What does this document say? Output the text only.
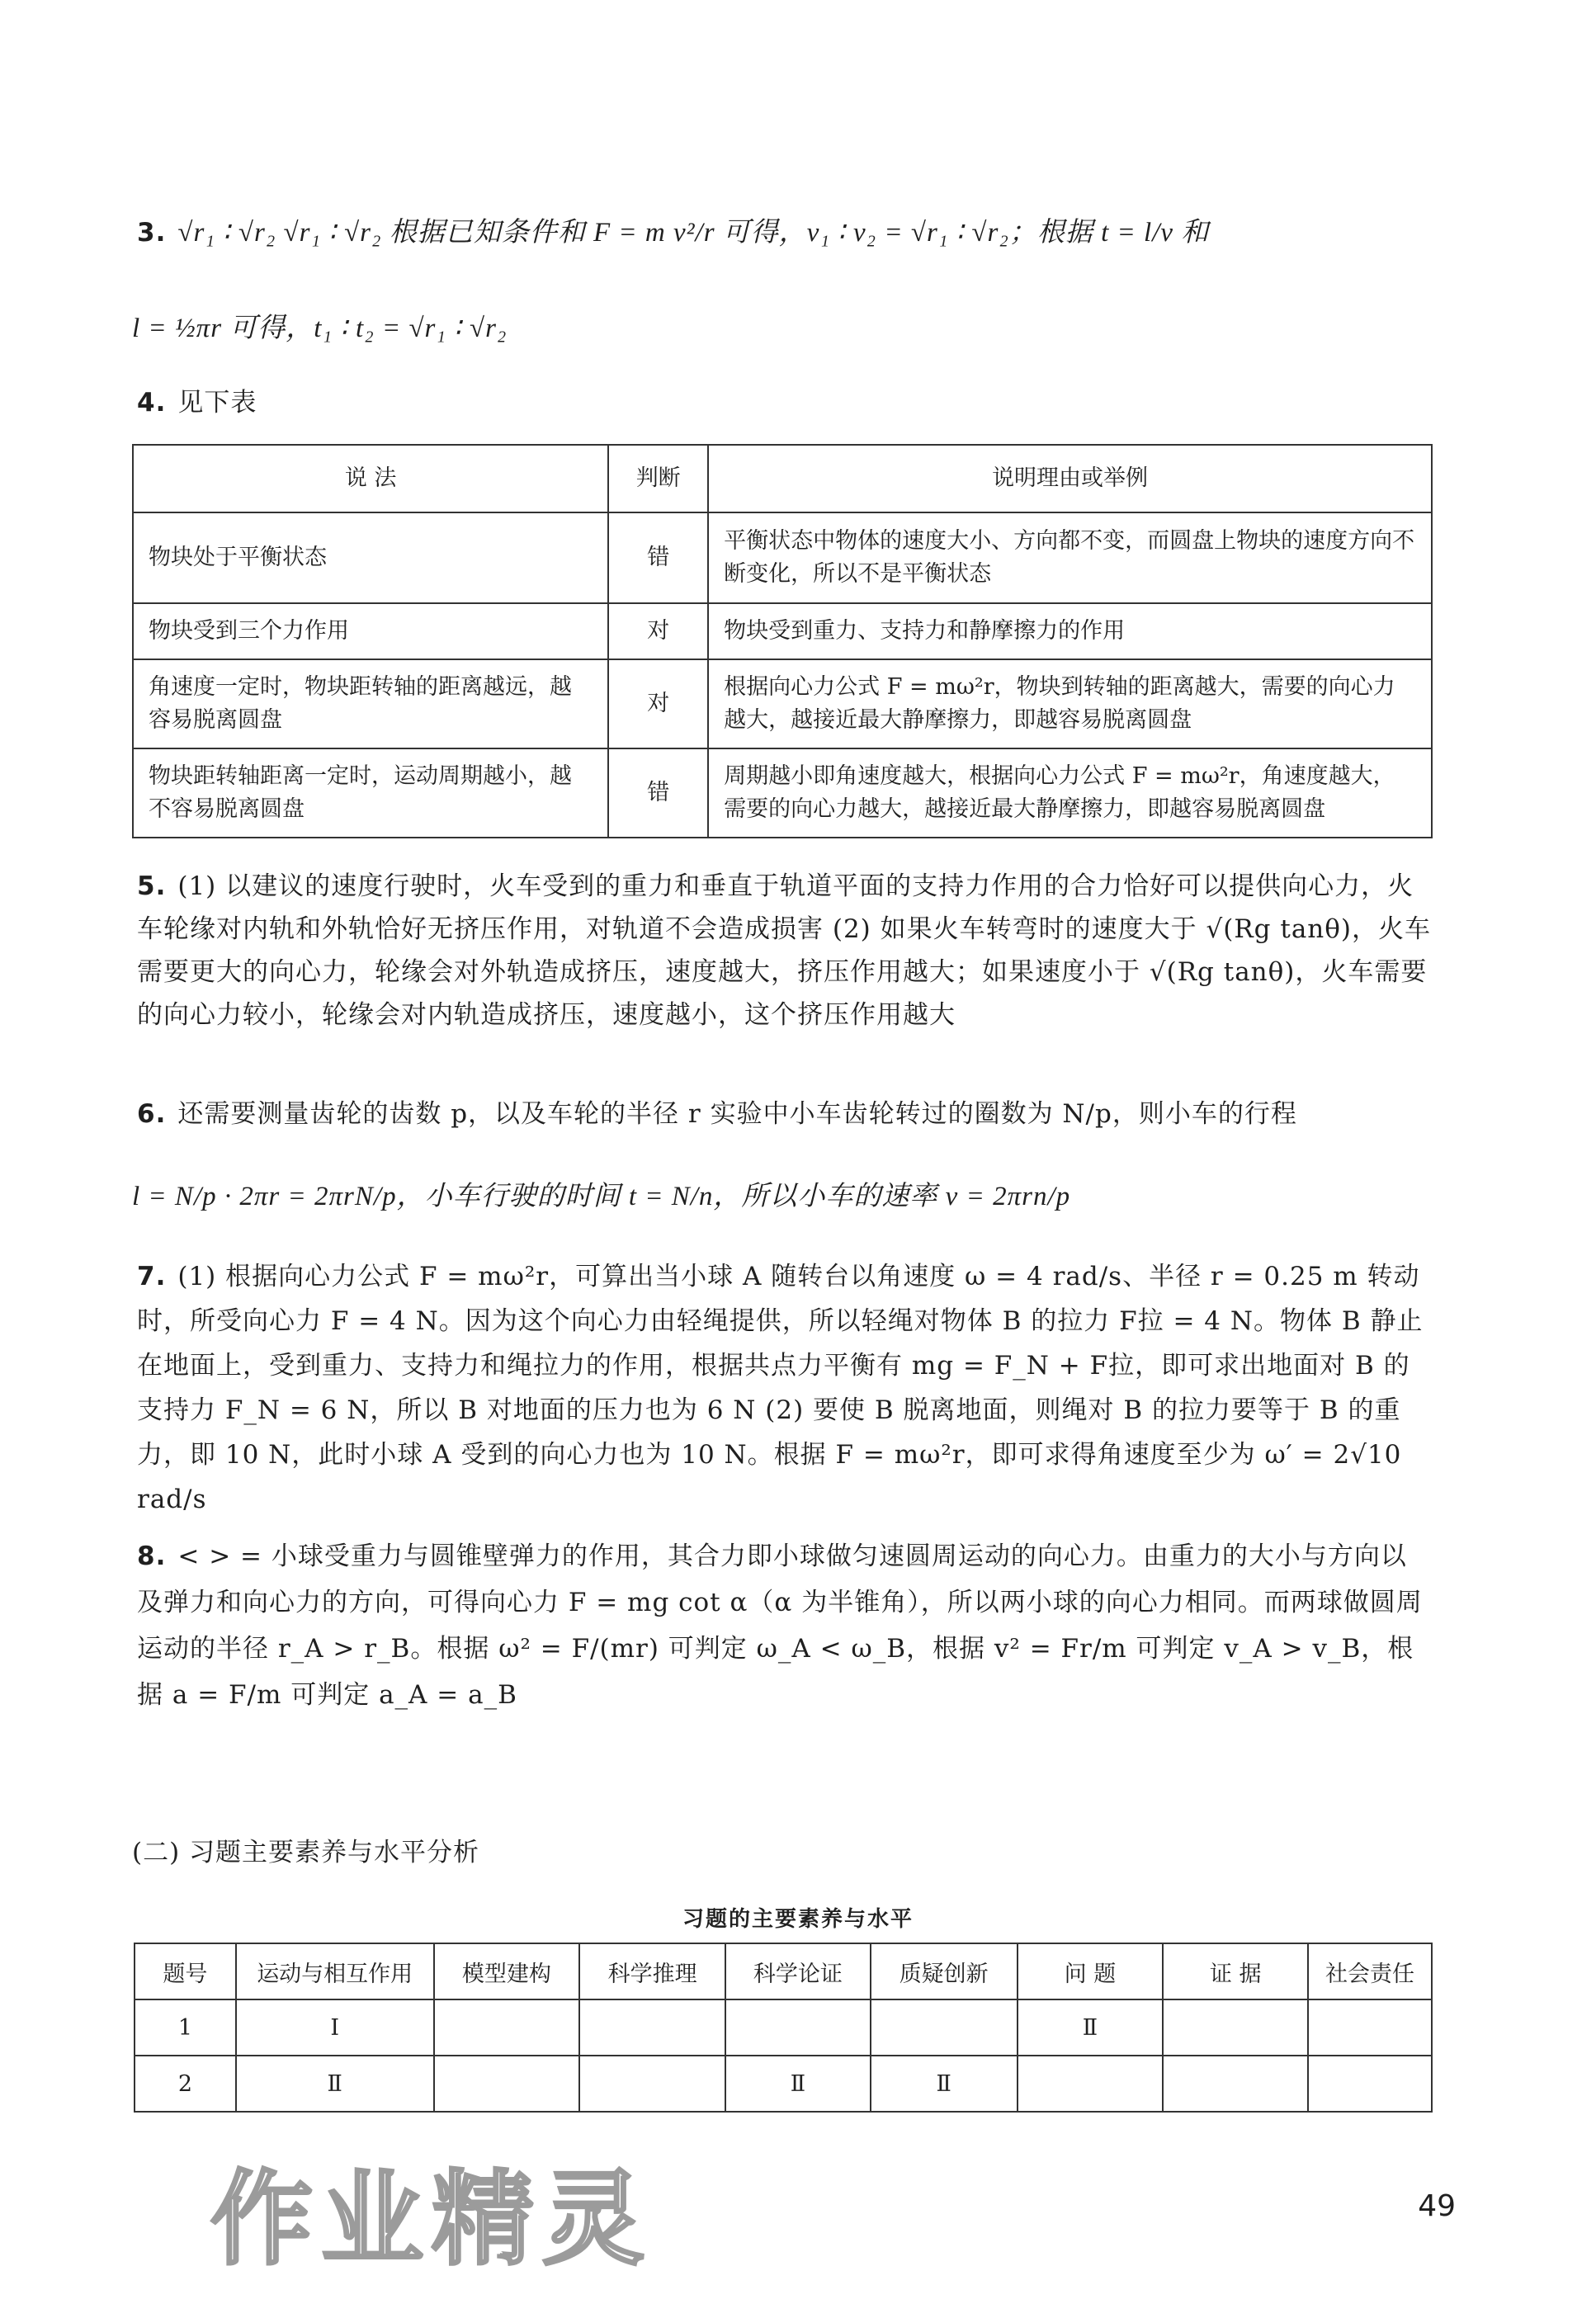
3. √r₁ ∶ √r₂ √r₁ ∶ √r₂ 根据已知条件和 F = m v²/r 可得，v₁ ∶ v₂ = √r₁ ∶ √r₂；根据 t = l/v 和

l = ½πr 可得，t₁ ∶ t₂ = √r₁ ∶ √r₂

4. 见下表

说 法	判断	说明理由或举例
物块处于平衡状态	错	平衡状态中物体的速度大小、方向都不变，而圆盘上物块的速度方向不断变化，所以不是平衡状态
物块受到三个力作用	对	物块受到重力、支持力和静摩擦力的作用
角速度一定时，物块距转轴的距离越远，越容易脱离圆盘	对	根据向心力公式 F = mω²r，物块到转轴的距离越大，需要的向心力越大，越接近最大静摩擦力，即越容易脱离圆盘
物块距转轴距离一定时，运动周期越小，越不容易脱离圆盘	错	周期越小即角速度越大，根据向心力公式 F = mω²r，角速度越大，需要的向心力越大，越接近最大静摩擦力，即越容易脱离圆盘

5. (1) 以建议的速度行驶时，火车受到的重力和垂直于轨道平面的支持力作用的合力恰好可以提供向心力，火车轮缘对内轨和外轨恰好无挤压作用，对轨道不会造成损害 (2) 如果火车转弯时的速度大于 √(Rg tanθ)，火车需要更大的向心力，轮缘会对外轨造成挤压，速度越大，挤压作用越大；如果速度小于 √(Rg tanθ)，火车需要的向心力较小，轮缘会对内轨造成挤压，速度越小，这个挤压作用越大

6. 还需要测量齿轮的齿数 p，以及车轮的半径 r 实验中小车齿轮转过的圈数为 N/p，则小车的行程

l = N/p · 2πr = 2πrN/p，小车行驶的时间 t = N/n，所以小车的速率 v = 2πrn/p

7. (1) 根据向心力公式 F = mω²r，可算出当小球 A 随转台以角速度 ω = 4 rad/s、半径 r = 0.25 m 转动时，所受向心力 F = 4 N。因为这个向心力由轻绳提供，所以轻绳对物体 B 的拉力 F拉 = 4 N。物体 B 静止在地面上，受到重力、支持力和绳拉力的作用，根据共点力平衡有 mg = F_N + F拉，即可求出地面对 B 的支持力 F_N = 6 N，所以 B 对地面的压力也为 6 N (2) 要使 B 脱离地面，则绳对 B 的拉力要等于 B 的重力，即 10 N，此时小球 A 受到的向心力也为 10 N。根据 F = mω²r，即可求得角速度至少为 ω′ = 2√10 rad/s

8. < > = 小球受重力与圆锥壁弹力的作用，其合力即小球做匀速圆周运动的向心力。由重力的大小与方向以及弹力和向心力的方向，可得向心力 F = mg cot α（α 为半锥角），所以两小球的向心力相同。而两球做圆周运动的半径 r_A > r_B。根据 ω² = F/(mr) 可判定 ω_A < ω_B，根据 v² = Fr/m 可判定 v_A > v_B，根据 a = F/m 可判定 a_A = a_B

(二) 习题主要素养与水平分析

习题的主要素养与水平
题号	运动与相互作用	模型建构	科学推理	科学论证	质疑创新	问 题	证 据	社会责任
1	Ⅰ					Ⅱ		
2	Ⅱ			Ⅱ	Ⅱ			
作业精灵	49
